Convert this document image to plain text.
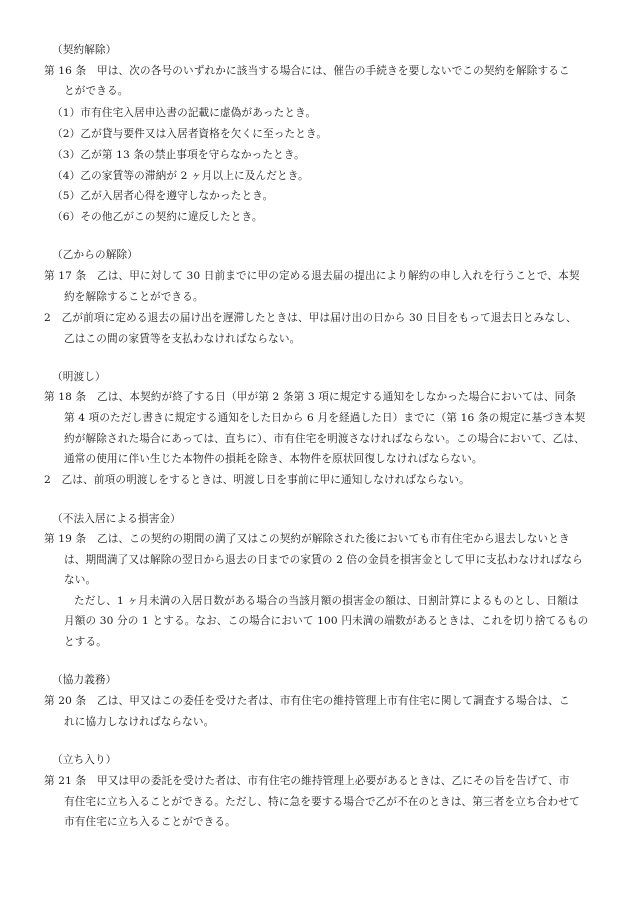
（契約解除）
第 16 条　甲は、次の各号のいずれかに該当する場合には、催告の手続きを要しないでこの契約を解除するこ
とができる。
（1）市有住宅入居申込書の記載に虚偽があったとき。
（2）乙が貸与要件又は入居者資格を欠くに至ったとき。
（3）乙が第 13 条の禁止事項を守らなかったとき。
（4）乙の家賃等の滞納が 2 ヶ月以上に及んだとき。
（5）乙が入居者心得を遵守しなかったとき。
（6）その他乙がこの契約に違反したとき。
（乙からの解除）
第 17 条　乙は、甲に対して 30 日前までに甲の定める退去届の提出により解約の申し入れを行うことで、本契
約を解除することができる。
2　乙が前項に定める退去の届け出を遅滞したときは、甲は届け出の日から 30 日目をもって退去日とみなし、
乙はこの間の家賃等を支払わなければならない。
（明渡し）
第 18 条　乙は、本契約が終了する日（甲が第 2 条第 3 項に規定する通知をしなかった場合においては、同条
第 4 項のただし書きに規定する通知をした日から 6 月を経過した日）までに（第 16 条の規定に基づき本契
約が解除された場合にあっては、直ちに）、市有住宅を明渡さなければならない。この場合において、乙は、
通常の使用に伴い生じた本物件の損耗を除き、本物件を原状回復しなければならない。
2　乙は、前項の明渡しをするときは、明渡し日を事前に甲に通知しなければならない。
（不法入居による損害金）
第 19 条　乙は、この契約の期間の満了又はこの契約が解除された後においても市有住宅から退去しないとき
は、期間満了又は解除の翌日から退去の日までの家賃の 2 倍の金員を損害金として甲に支払わなければなら
ない。
ただし、1 ヶ月未満の入居日数がある場合の当該月額の損害金の額は、日割計算によるものとし、日額は
月額の 30 分の 1 とする。なお、この場合において 100 円未満の端数があるときは、これを切り捨てるもの
とする。
（協力義務）
第 20 条　乙は、甲又はこの委任を受けた者は、市有住宅の維持管理上市有住宅に関して調査する場合は、こ
れに協力しなければならない。
（立ち入り）
第 21 条　甲又は甲の委託を受けた者は、市有住宅の維持管理上必要があるときは、乙にその旨を告げて、市
有住宅に立ち入ることができる。ただし、特に急を要する場合で乙が不在のときは、第三者を立ち合わせて
市有住宅に立ち入ることができる。
